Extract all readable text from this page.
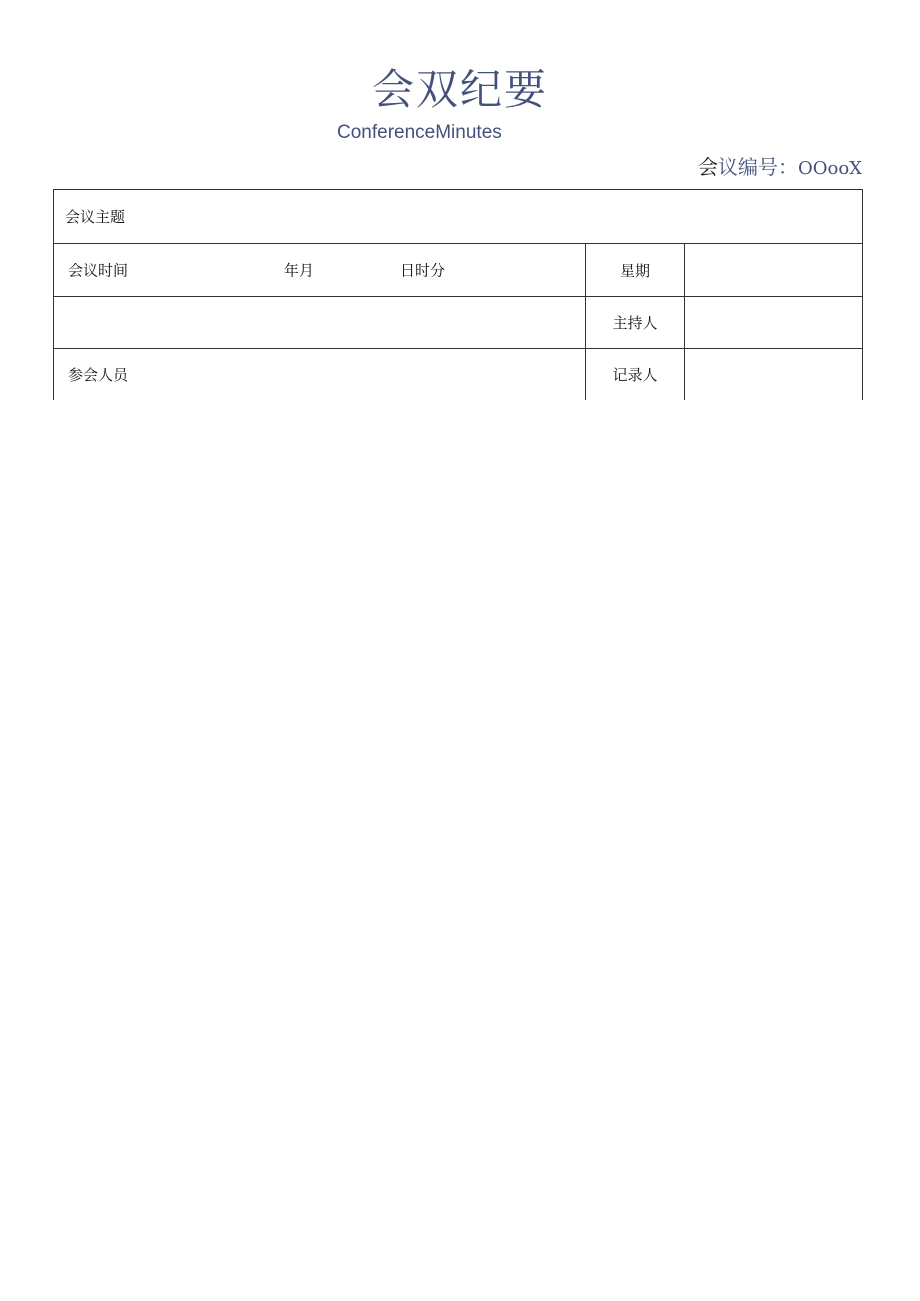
会双纪要
ConferenceMinutes
会议编号：OOooX
会议主题		

会议时间 年月 日时分	星期	
	主持人	
参会人员	记录人	
